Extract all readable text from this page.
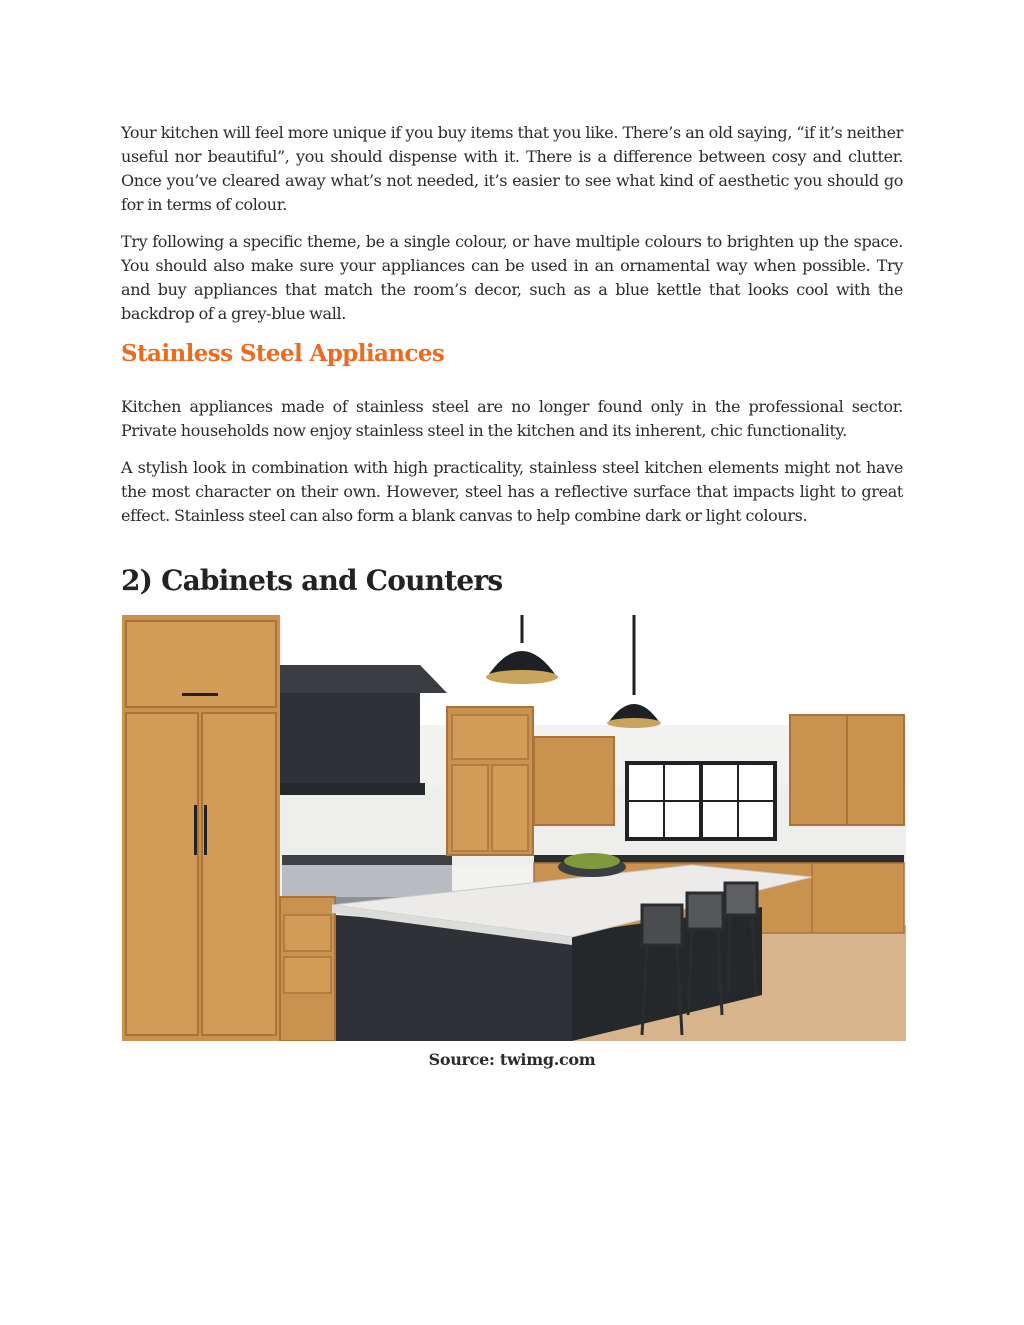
Your kitchen will feel more unique if you buy items that you like. There’s an old saying, “if it’s neither useful nor beautiful”, you should dispense with it. There is a difference between cosy and clutter. Once you’ve cleared away what’s not needed, it’s easier to see what kind of aesthetic you should go for in terms of colour.

Try following a specific theme, be a single colour, or have multiple colours to brighten up the space. You should also make sure your appliances can be used in an ornamental way when possible. Try and buy appliances that match the room’s decor, such as a blue kettle that looks cool with the backdrop of a grey-blue wall.

Stainless Steel Appliances

Kitchen appliances made of stainless steel are no longer found only in the professional sector. Private households now enjoy stainless steel in the kitchen and its inherent, chic functionality.

A stylish look in combination with high practicality, stainless steel kitchen elements might not have the most character on their own. However, steel has a reflective surface that impacts light to great effect. Stainless steel can also form a blank canvas to help combine dark or light colours.

2) Cabinets and Counters
Source: twimg.com
